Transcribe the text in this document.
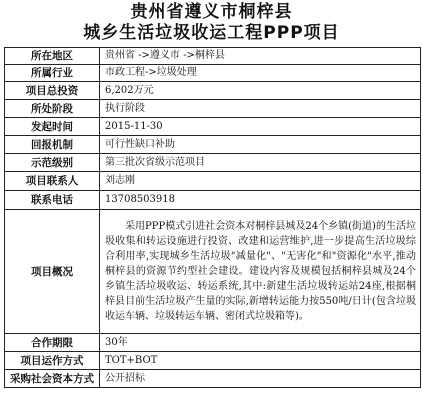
贵州省遵义市桐梓县
城乡生活垃圾收运工程PPP项目
所在地区	贵州省 ->遵义市 ->桐梓县
所属行业	市政工程->垃圾处理
项目总投资	6,202万元
所处阶段	执行阶段
发起时间	2015-11-30
回报机制	可行性缺口补助
示范级别	第三批次省级示范项目
项目联系人	刘志刚
联系电话	13708503918
项目概况	采用PPP模式引进社会资本对桐梓县城及24个乡镇(街道)的生活垃圾收集和转运设施进行投资、改建和运营维护,进一步提高生活垃圾综合利用率,实现城乡生活垃圾"减量化"、"无害化"和"资源化"水平,推动桐梓县的资源节约型社会建设。建设内容及规模包括桐梓县城及24个乡镇生活垃圾收运、转运系统,其中:新建生活垃圾转运站24座,根据桐梓县目前生活垃圾产生量的实际,新增转运能力按550吨/日计(包含垃圾收运车辆、垃圾转运车辆、密闭式垃圾箱等)。

合作期限	30年
项目运作方式	TOT+BOT
采购社会资本方式	公开招标
